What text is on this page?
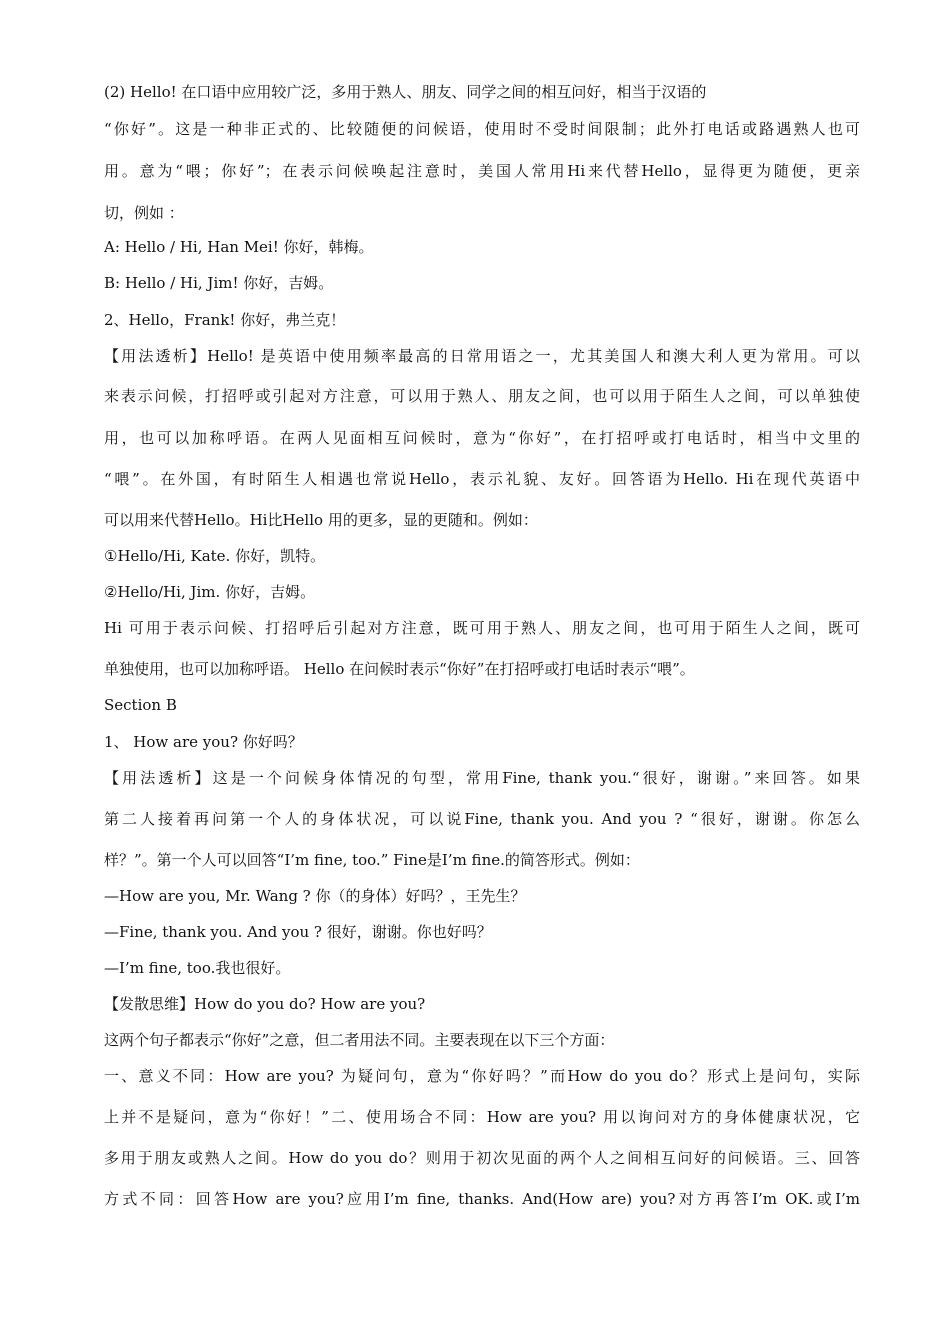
(2) Hello! 在口语中应用较广泛，多用于熟人、朋友、同学之间的相互问好，相当于汉语的
“你好”。这是一种非正式的、比较随便的问候语，使用时不受时间限制；此外打电话或路遇熟人也可
用。意为“喂；你好”；在表示问候唤起注意时，美国人常用Hi来代替Hello，显得更为随便，更亲
切，例如 ：
A: Hello / Hi, Han Mei! 你好，韩梅。
B: Hello / Hi, Jim! 你好，吉姆。
2、Hello，Frank! 你好，弗兰克！
【用法透析】Hello! 是英语中使用频率最高的日常用语之一，尤其美国人和澳大利人更为常用。可以
来表示问候，打招呼或引起对方注意，可以用于熟人、朋友之间，也可以用于陌生人之间，可以单独使
用，也可以加称呼语。在两人见面相互问候时，意为“你好”，在打招呼或打电话时，相当中文里的
“喂”。在外国，有时陌生人相遇也常说Hello，表示礼貌、友好。回答语为Hello. Hi在现代英语中
可以用来代替Hello。Hi比Hello 用的更多，显的更随和。例如：
①Hello/Hi, Kate. 你好，凯特。
②Hello/Hi, Jim. 你好，吉姆。
Hi 可用于表示问候、打招呼后引起对方注意，既可用于熟人、朋友之间，也可用于陌生人之间，既可
单独使用，也可以加称呼语。 Hello 在问候时表示“你好”在打招呼或打电话时表示“喂”。
Section B
1、 How are you? 你好吗？
【用法透析】这是一个问候身体情况的句型，常用Fine, thank you.“很好，谢谢。”来回答。如果
第二人接着再问第一个人的身体状况，可以说Fine, thank you. And you ? “很好，谢谢。你怎么
样？”。第一个人可以回答“I’m fine, too.” Fine是I’m fine.的简答形式。例如：
—How are you, Mr. Wang ? 你（的身体）好吗？，王先生？
—Fine, thank you. And you ? 很好，谢谢。你也好吗？
—I’m fine, too.我也很好。
【发散思维】How do you do? How are you?
这两个句子都表示“你好”之意，但二者用法不同。主要表现在以下三个方面：
一、意义不同：How are you? 为疑问句，意为“你好吗？”而How do you do？形式上是问句，实际
上并不是疑问，意为“你好！”二、使用场合不同：How are you? 用以询问对方的身体健康状况，它
多用于朋友或熟人之间。How do you do？则用于初次见面的两个人之间相互问好的问候语。三、回答
方式不同：回答How are you?应用I’m fine, thanks. And(How are) you?对方再答I’m OK.或I’m
